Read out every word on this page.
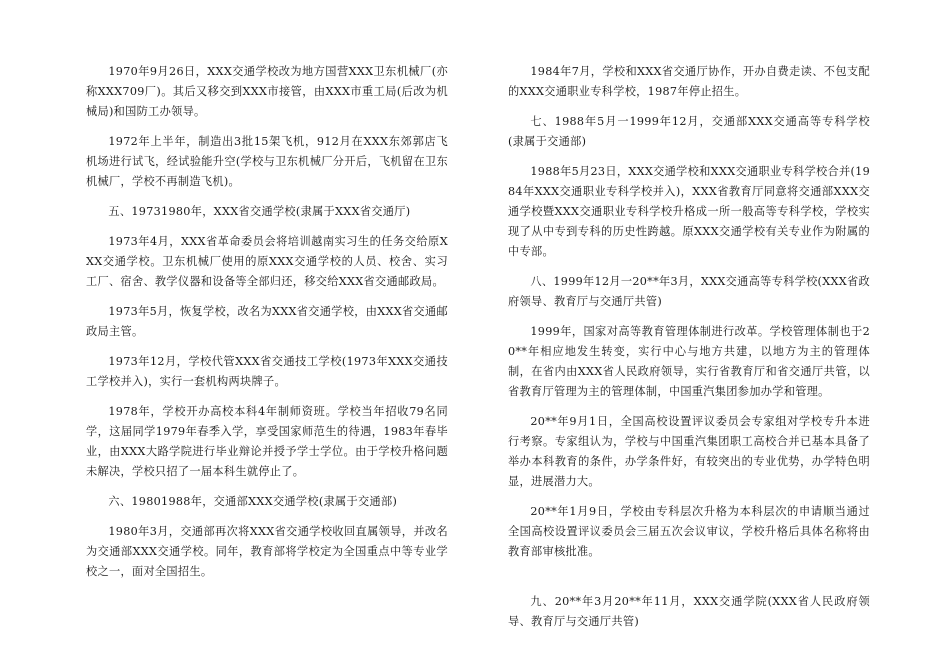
1970年9月26日，XXX交通学校改为地方国营XXX卫东机械厂(亦称XXX709厂)。其后又移交到XXX市接管，由XXX市重工局(后改为机械局)和国防工办领导。

1972年上半年，制造出3批15架飞机，912月在XXX东郊郭店飞机场进行试飞，经试验能升空(学校与卫东机械厂分开后，飞机留在卫东机械厂，学校不再制造飞机)。

五、19731980年，XXX省交通学校(隶属于XXX省交通厅)

1973年4月，XXX省革命委员会将培训越南实习生的任务交给原XXX交通学校。卫东机械厂使用的原XXX交通学校的人员、校舍、实习工厂、宿舍、教学仪器和设备等全部归还，移交给XXX省交通邮政局。

1973年5月，恢复学校，改名为XXX省交通学校，由XXX省交通邮政局主管。

1973年12月，学校代管XXX省交通技工学校(1973年XXX交通技工学校并入)，实行一套机构两块牌子。

1978年，学校开办高校本科4年制师资班。学校当年招收79名同学，这届同学1979年春季入学，享受国家师范生的待遇，1983年春毕业，由XXX大路学院进行毕业辩论并授予学士学位。由于学校升格问题未解决，学校只招了一届本科生就停止了。

六、19801988年，交通部XXX交通学校(隶属于交通部)

1980年3月，交通部再次将XXX省交通学校收回直属领导，并改名为交通部XXX交通学校。同年，教育部将学校定为全国重点中等专业学校之一，面对全国招生。

1984年7月，学校和XXX省交通厅协作，开办自费走读、不包支配的XXX交通职业专科学校，1987年停止招生。

七、1988年5月一1999年12月，交通部XXX交通高等专科学校(隶属于交通部)

1988年5月23日，XXX交通学校和XXX交通职业专科学校合并(1984年XXX交通职业专科学校并入)，XXX省教育厅同意将交通部XXX交通学校暨XXX交通职业专科学校升格成一所一般高等专科学校，学校实现了从中专到专科的历史性跨越。原XXX交通学校有关专业作为附属的中专部。

八、1999年12月一20**年3月，XXX交通高等专科学校(XXX省政府领导、教育厅与交通厅共管)

1999年，国家对高等教育管理体制进行改革。学校管理体制也于20**年相应地发生转变，实行中心与地方共建，以地方为主的管理体制，在省内由XXX省人民政府领导，实行省教育厅和省交通厅共管，以省教育厅管理为主的管理体制，中国重汽集团参加办学和管理。

20**年9月1日，全国高校设置评议委员会专家组对学校专升本进行考察。专家组认为，学校与中国重汽集团职工高校合并已基本具备了举办本科教育的条件，办学条件好，有较突出的专业优势，办学特色明显，进展潜力大。

20**年1月9日，学校由专科层次升格为本科层次的申请顺当通过全国高校设置评议委员会三届五次会议审议，学校升格后具体名称将由教育部审核批准。

九、20**年3月20**年11月，XXX交通学院(XXX省人民政府领导、教育厅与交通厅共管)
